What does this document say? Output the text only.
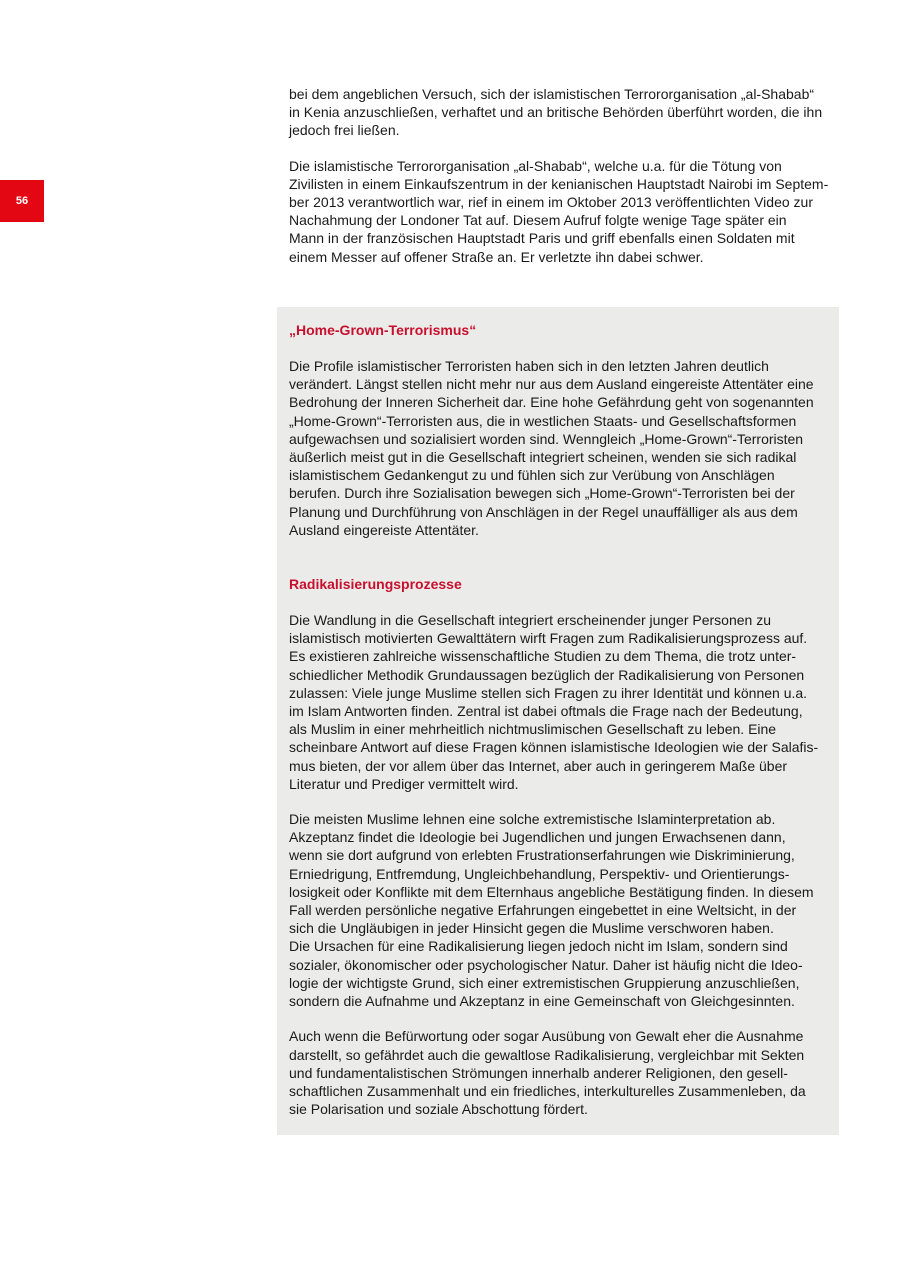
56

bei dem angeblichen Versuch, sich der islamistischen Terrororganisation „al-Shabab“
in Kenia anzuschließen, verhaftet und an britische Behörden überführt worden, die ihn
jedoch frei ließen.

Die islamistische Terrororganisation „al-Shabab“, welche u.a. für die Tötung von
Zivilisten in einem Einkaufszentrum in der kenianischen Hauptstadt Nairobi im Septem-
ber 2013 verantwortlich war, rief in einem im Oktober 2013 veröffentlichten Video zur
Nachahmung der Londoner Tat auf. Diesem Aufruf folgte wenige Tage später ein
Mann in der französischen Hauptstadt Paris und griff ebenfalls einen Soldaten mit
einem Messer auf offener Straße an. Er verletzte ihn dabei schwer.

„Home-Grown-Terrorismus“

Die Profile islamistischer Terroristen haben sich in den letzten Jahren deutlich
verändert. Längst stellen nicht mehr nur aus dem Ausland eingereiste Attentäter eine
Bedrohung der Inneren Sicherheit dar. Eine hohe Gefährdung geht von sogenannten
„Home-Grown“-Terroristen aus, die in westlichen Staats- und Gesellschaftsformen
aufgewachsen und sozialisiert worden sind. Wenngleich „Home-Grown“-Terroristen
äußerlich meist gut in die Gesellschaft integriert scheinen, wenden sie sich radikal
islamistischem Gedankengut zu und fühlen sich zur Verübung von Anschlägen
berufen. Durch ihre Sozialisation bewegen sich „Home-Grown“-Terroristen bei der
Planung und Durchführung von Anschlägen in der Regel unauffälliger als aus dem
Ausland eingereiste Attentäter.

Radikalisierungsprozesse

Die Wandlung in die Gesellschaft integriert erscheinender junger Personen zu
islamistisch motivierten Gewalttätern wirft Fragen zum Radikalisierungsprozess auf.
Es existieren zahlreiche wissenschaftliche Studien zu dem Thema, die trotz unter-
schiedlicher Methodik Grundaussagen bezüglich der Radikalisierung von Personen
zulassen: Viele junge Muslime stellen sich Fragen zu ihrer Identität und können u.a.
im Islam Antworten finden. Zentral ist dabei oftmals die Frage nach der Bedeutung,
als Muslim in einer mehrheitlich nichtmuslimischen Gesellschaft zu leben. Eine
scheinbare Antwort auf diese Fragen können islamistische Ideologien wie der Salafis-
mus bieten, der vor allem über das Internet, aber auch in geringerem Maße über
Literatur und Prediger vermittelt wird.

Die meisten Muslime lehnen eine solche extremistische Islaminterpretation ab.
Akzeptanz findet die Ideologie bei Jugendlichen und jungen Erwachsenen dann,
wenn sie dort aufgrund von erlebten Frustrationserfahrungen wie Diskriminierung,
Erniedrigung, Entfremdung, Ungleichbehandlung, Perspektiv- und Orientierungs-
losigkeit oder Konflikte mit dem Elternhaus angebliche Bestätigung finden. In diesem
Fall werden persönliche negative Erfahrungen eingebettet in eine Weltsicht, in der
sich die Ungläubigen in jeder Hinsicht gegen die Muslime verschworen haben.

Die Ursachen für eine Radikalisierung liegen jedoch nicht im Islam, sondern sind
sozialer, ökonomischer oder psychologischer Natur. Daher ist häufig nicht die Ideo-
logie der wichtigste Grund, sich einer extremistischen Gruppierung anzuschließen,
sondern die Aufnahme und Akzeptanz in eine Gemeinschaft von Gleichgesinnten.

Auch wenn die Befürwortung oder sogar Ausübung von Gewalt eher die Ausnahme
darstellt, so gefährdet auch die gewaltlose Radikalisierung, vergleichbar mit Sekten
und fundamentalistischen Strömungen innerhalb anderer Religionen, den gesell-
schaftlichen Zusammenhalt und ein friedliches, interkulturelles Zusammenleben, da
sie Polarisation und soziale Abschottung fördert.
